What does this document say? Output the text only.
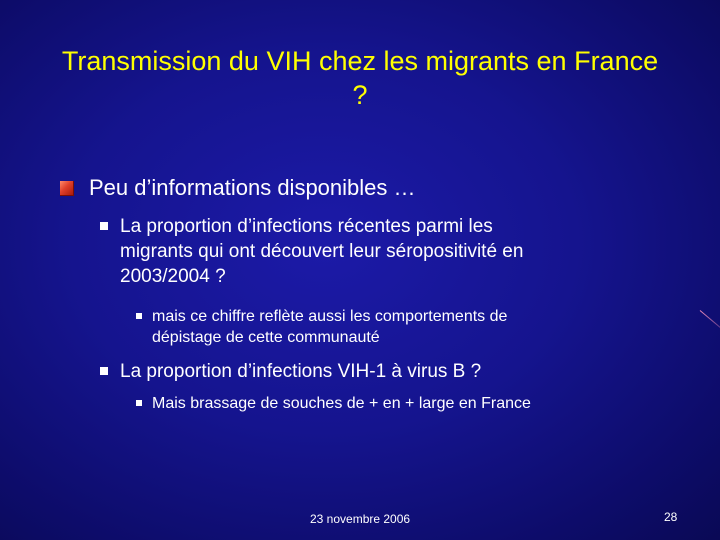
Transmission du VIH chez les migrants en France
?
Peu d’informations disponibles …
La proportion d’infections récentes parmi les
migrants qui ont découvert leur séropositivité en
2003/2004 ?
mais ce chiffre reflète aussi les comportements de
dépistage de cette communauté
La proportion d’infections VIH-1 à virus B ?
Mais brassage de souches de + en + large en France
23 novembre 2006	28
